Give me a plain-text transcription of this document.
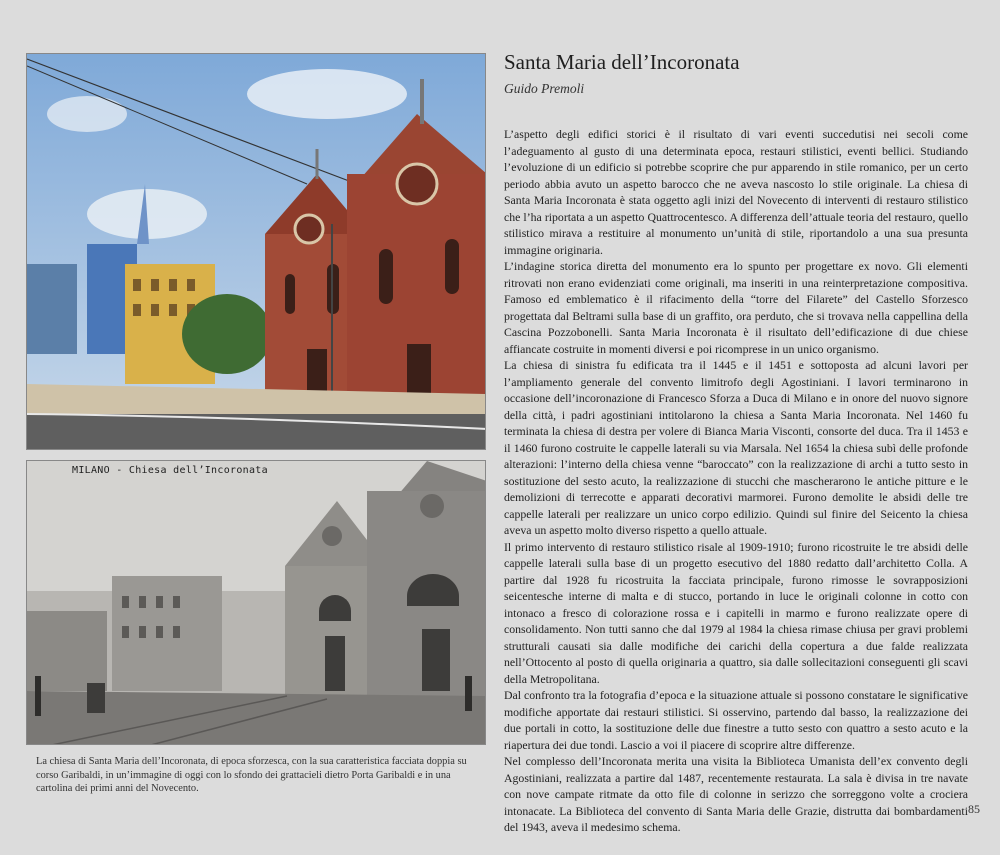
MILANO - Chiesa dell’Incoronata
La chiesa di Santa Maria dell’Incoronata, di epoca sforzesca, con la sua caratteristica facciata doppia su corso Garibaldi, in un’immagine di oggi con lo sfondo dei grattacieli dietro Porta Garibaldi e in una cartolina dei primi anni del Novecento.
Santa Maria dell’Incoronata

Guido Premoli

L’aspetto degli edifici storici è il risultato di vari eventi succedutisi nei secoli come l’adeguamento al gusto di una determinata epoca, restauri stilistici, eventi bellici. Studiando l’evoluzione di un edificio si potrebbe scoprire che pur apparendo in stile romanico, per un certo periodo abbia avuto un aspetto barocco che ne aveva nascosto lo stile originale. La chiesa di Santa Maria Incoronata è stata oggetto agli inizi del Novecento di interventi di restauro stilistico che l’ha riportata a un aspetto Quattrocentesco. A differenza dell’attuale teoria del restauro, quello stilistico mirava a restituire al monumento un’unità di stile, riportandolo a una sua presunta immagine originaria.

L’indagine storica diretta del monumento era lo spunto per progettare ex novo. Gli elementi ritrovati non erano evidenziati come originali, ma inseriti in una reinterpretazione compositiva. Famoso ed emblematico è il rifacimento della “torre del Filarete” del Castello Sforzesco progettata dal Beltrami sulla base di un graffito, ora perduto, che si trovava nella cappellina della Cascina Pozzobonelli. Santa Maria Incoronata è il risultato dell’edificazione di due chiese affiancate costruite in momenti diversi e poi ricomprese in un unico organismo.

La chiesa di sinistra fu edificata tra il 1445 e il 1451 e sottoposta ad alcuni lavori per l’ampliamento generale del convento limitrofo degli Agostiniani. I lavori terminarono in occasione dell’incoronazione di Francesco Sforza a Duca di Milano e in onore del nuovo signore della città, i padri agostiniani intitolarono la chiesa a Santa Maria Incoronata. Nel 1460 fu terminata la chiesa di destra per volere di Bianca Maria Visconti, consorte del duca. Tra il 1453 e il 1460 furono costruite le cappelle laterali su via Marsala. Nel 1654 la chiesa subì delle profonde alterazioni: l’interno della chiesa venne “baroccato” con la realizzazione di archi a tutto sesto in sostituzione del sesto acuto, la realizzazione di stucchi che mascherarono le antiche pitture e le demolizioni di terrecotte e apparati decorativi marmorei. Furono demolite le absidi delle tre cappelle laterali per realizzare un unico corpo edilizio. Quindi sul finire del Seicento la chiesa aveva un aspetto molto diverso rispetto a quello attuale.

Il primo intervento di restauro stilistico risale al 1909-1910; furono ricostruite le tre absidi delle cappelle laterali sulla base di un progetto esecutivo del 1880 redatto dall’architetto Colla. A partire dal 1928 fu ricostruita la facciata principale, furono rimosse le sovrapposizioni seicentesche interne di malta e di stucco, portando in luce le originali colonne in cotto con intonaco a fresco di colorazione rossa e i capitelli in marmo e furono realizzate opere di consolidamento. Non tutti sanno che dal 1979 al 1984 la chiesa rimase chiusa per gravi problemi strutturali causati sia dalle modifiche dei carichi della copertura a due falde realizzata nell’Ottocento al posto di quella originaria a quattro, sia dalle sollecitazioni conseguenti gli scavi della Metropolitana.

Dal confronto tra la fotografia d’epoca e la situazione attuale si possono constatare le significative modifiche apportate dai restauri stilistici. Si osservino, partendo dal basso, la realizzazione dei due portali in cotto, la sostituzione delle due finestre a tutto sesto con quattro a sesto acuto e la riapertura dei due tondi. Lascio a voi il piacere di scoprire altre differenze.

Nel complesso dell’Incoronata merita una visita la Biblioteca Umanista dell’ex convento degli Agostiniani, realizzata a partire dal 1487, recentemente restaurata. La sala è divisa in tre navate con nove campate ritmate da otto file di colonne in serizzo che sorreggono volte a crociera intonacate. La Biblioteca del convento di Santa Maria delle Grazie, distrutta dai bombardamenti del 1943, aveva il medesimo schema.

85
